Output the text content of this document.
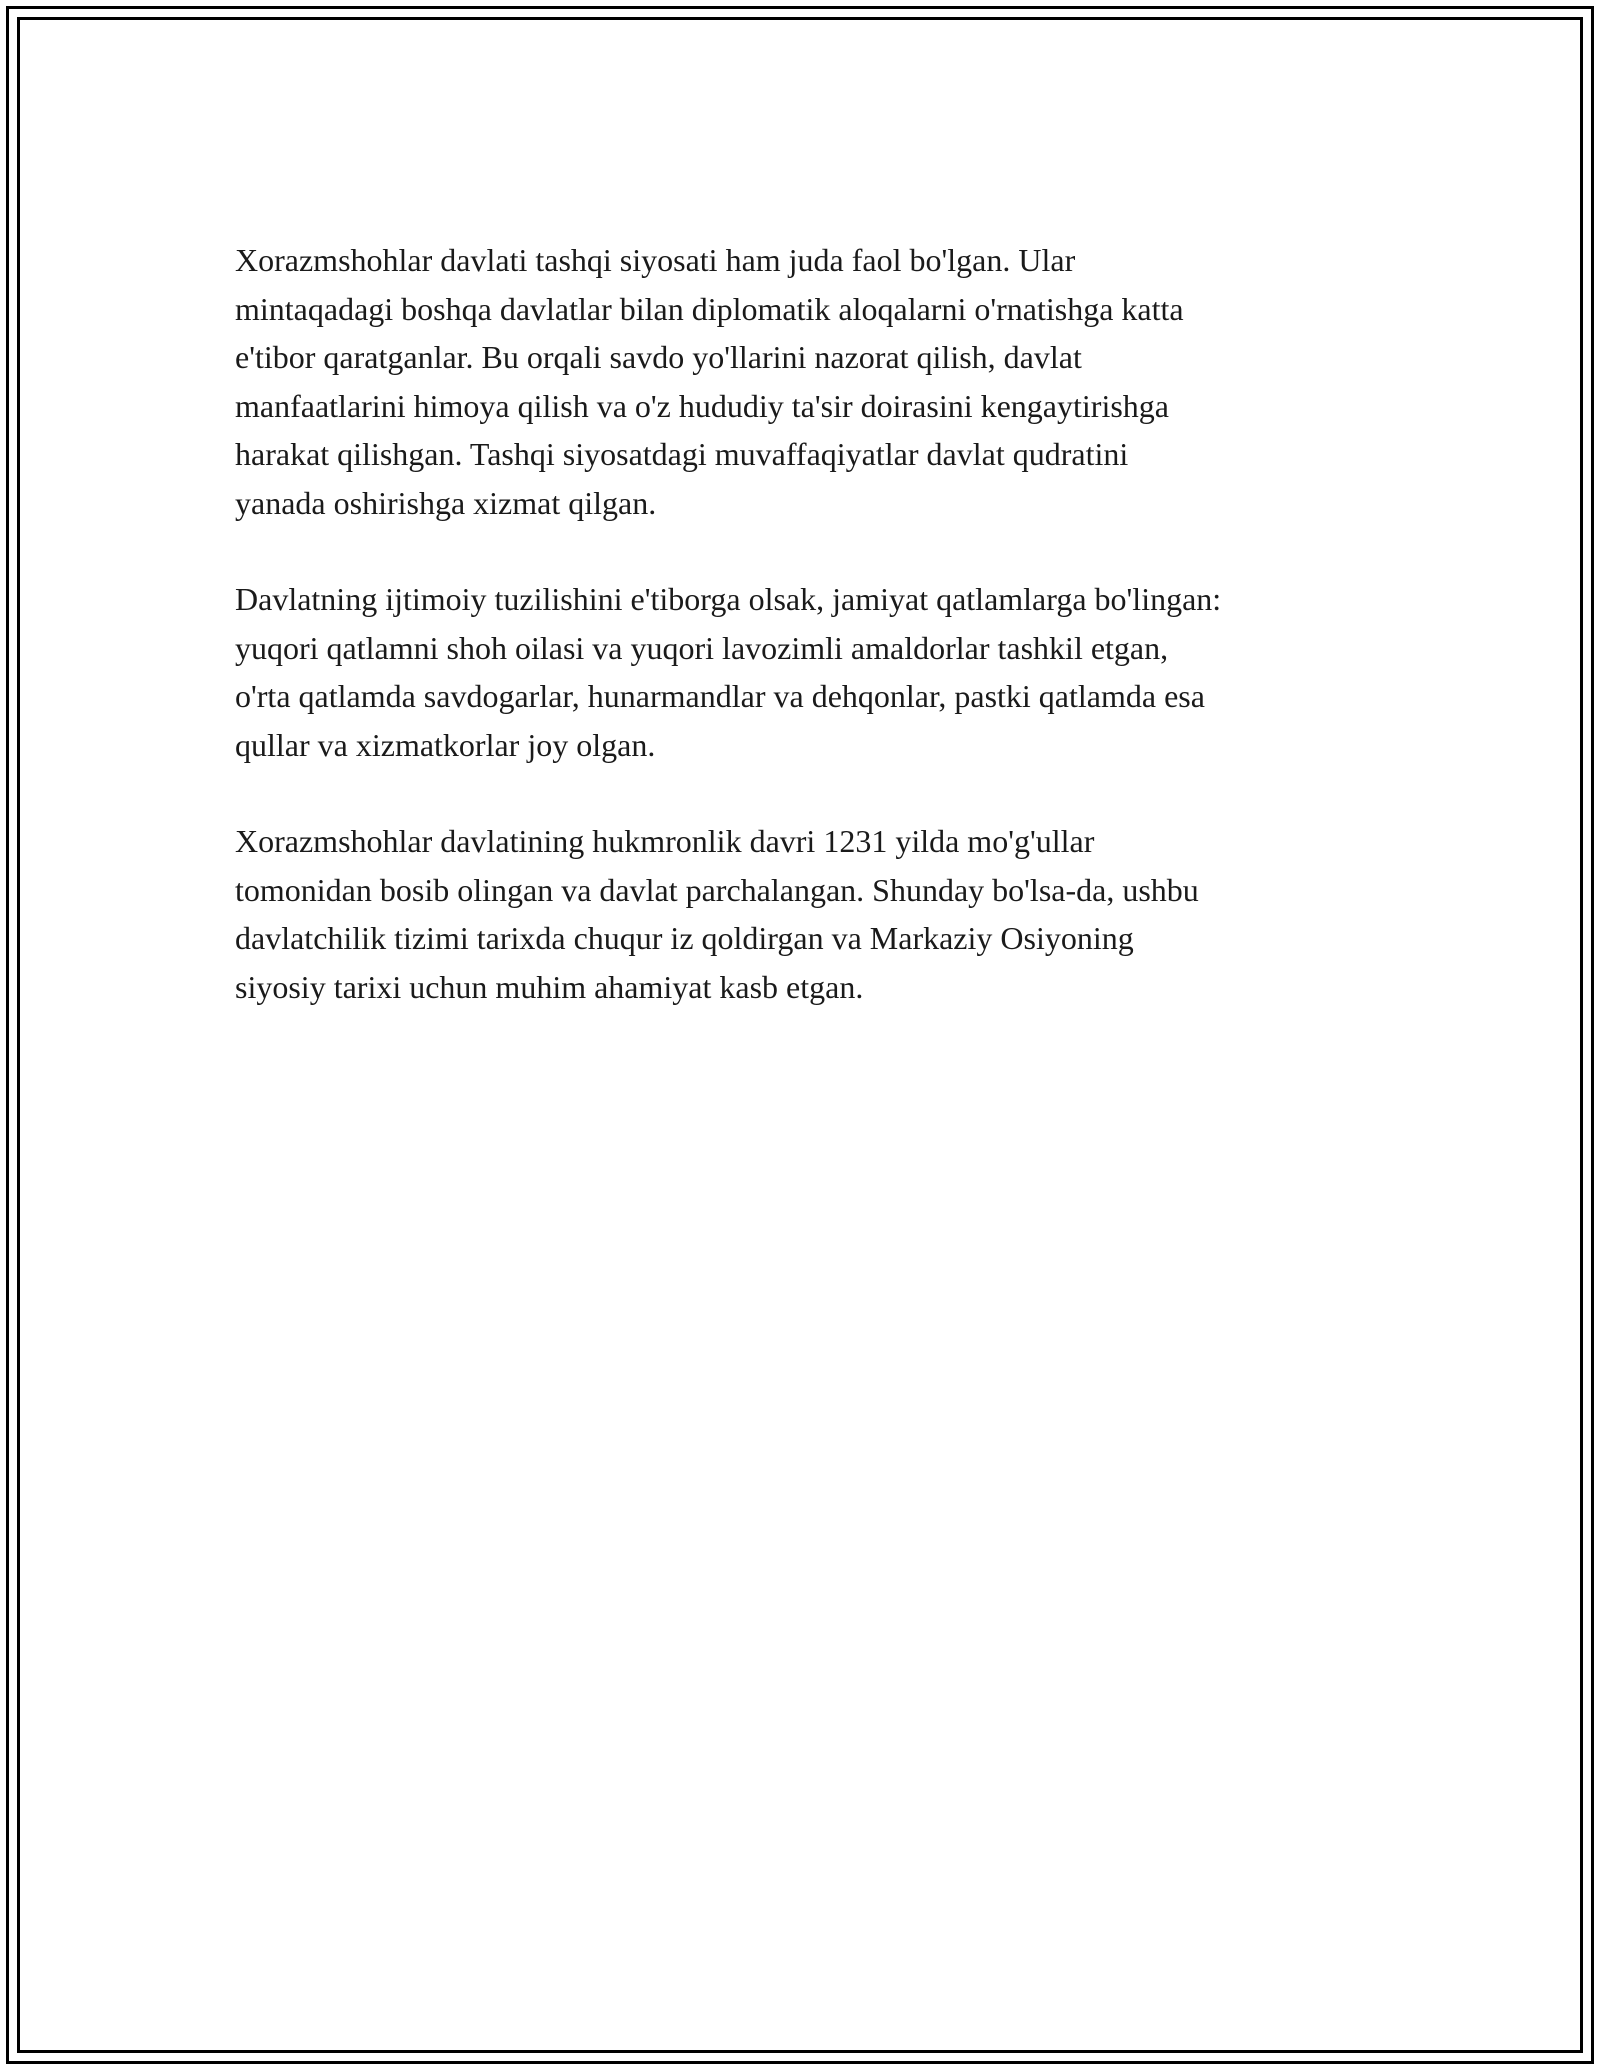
Xorazmshohlar davlati tashqi siyosati ham juda faol bo'lgan. Ular
mintaqadagi boshqa davlatlar bilan diplomatik aloqalarni o'rnatishga katta
e'tibor qaratganlar. Bu orqali savdo yo'llarini nazorat qilish, davlat
manfaatlarini himoya qilish va o'z hududiy ta'sir doirasini kengaytirishga
harakat qilishgan. Tashqi siyosatdagi muvaffaqiyatlar davlat qudratini
yanada oshirishga xizmat qilgan.

Davlatning ijtimoiy tuzilishini e'tiborga olsak, jamiyat qatlamlarga bo'lingan:
yuqori qatlamni shoh oilasi va yuqori lavozimli amaldorlar tashkil etgan,
o'rta qatlamda savdogarlar, hunarmandlar va dehqonlar, pastki qatlamda esa
qullar va xizmatkorlar joy olgan.

Xorazmshohlar davlatining hukmronlik davri 1231 yilda mo'g'ullar
tomonidan bosib olingan va davlat parchalangan. Shunday bo'lsa-da, ushbu
davlatchilik tizimi tarixda chuqur iz qoldirgan va Markaziy Osiyoning
siyosiy tarixi uchun muhim ahamiyat kasb etgan.
